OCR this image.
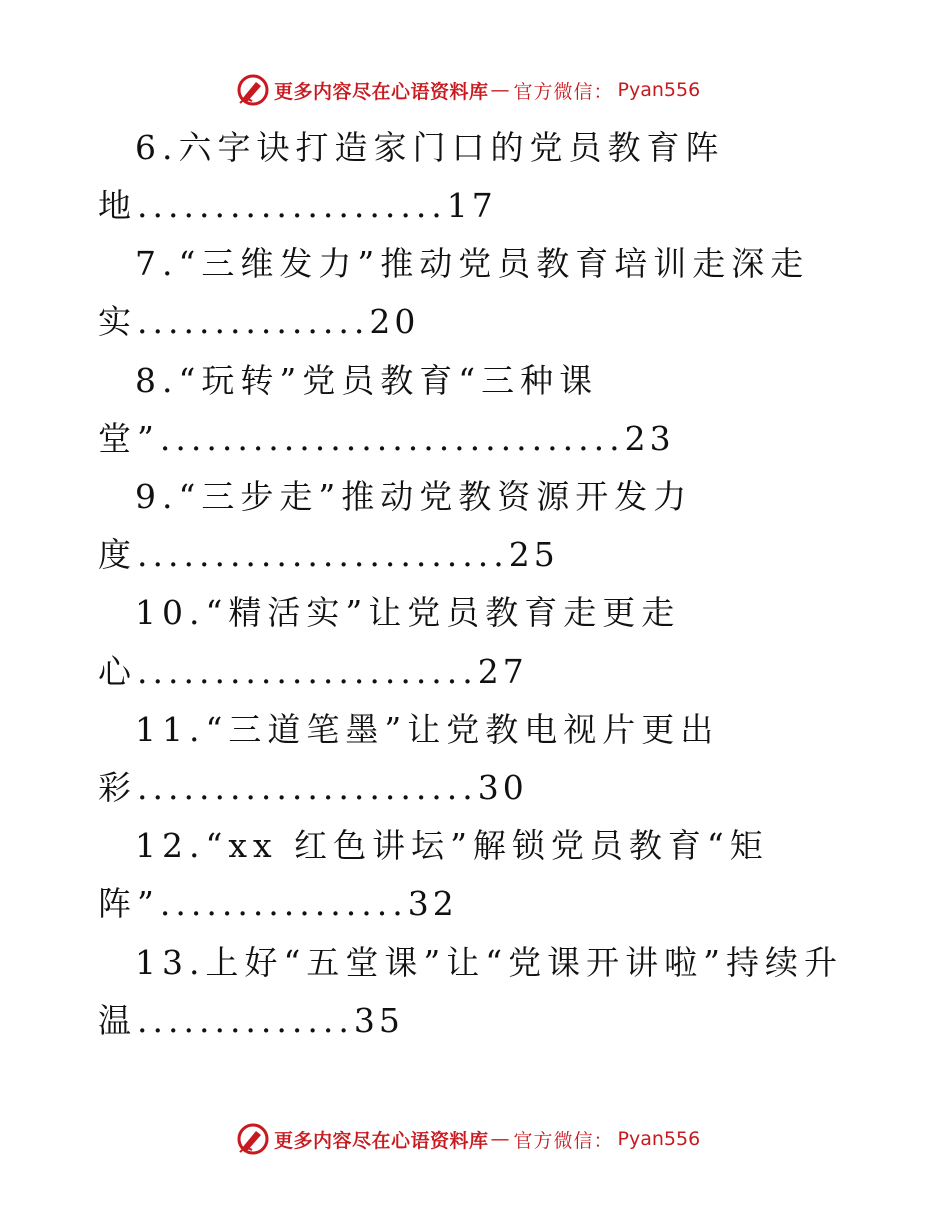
更多内容尽在心语资料库 — 官方微信： Pyan556
6.六字诀打造家门口的党员教育阵
地....................17
7.“三维发力”推动党员教育培训走深走
实...............20
8.“玩转”党员教育“三种课
堂”..............................23
9.“三步走”推动党教资源开发力
度........................25
10.“精活实”让党员教育走更走
心......................27
11.“三道笔墨”让党教电视片更出
彩......................30
12.“xx 红色讲坛”解锁党员教育“矩
阵”................32
13.上好“五堂课”让“党课开讲啦”持续升
温..............35
更多内容尽在心语资料库 — 官方微信： Pyan556
